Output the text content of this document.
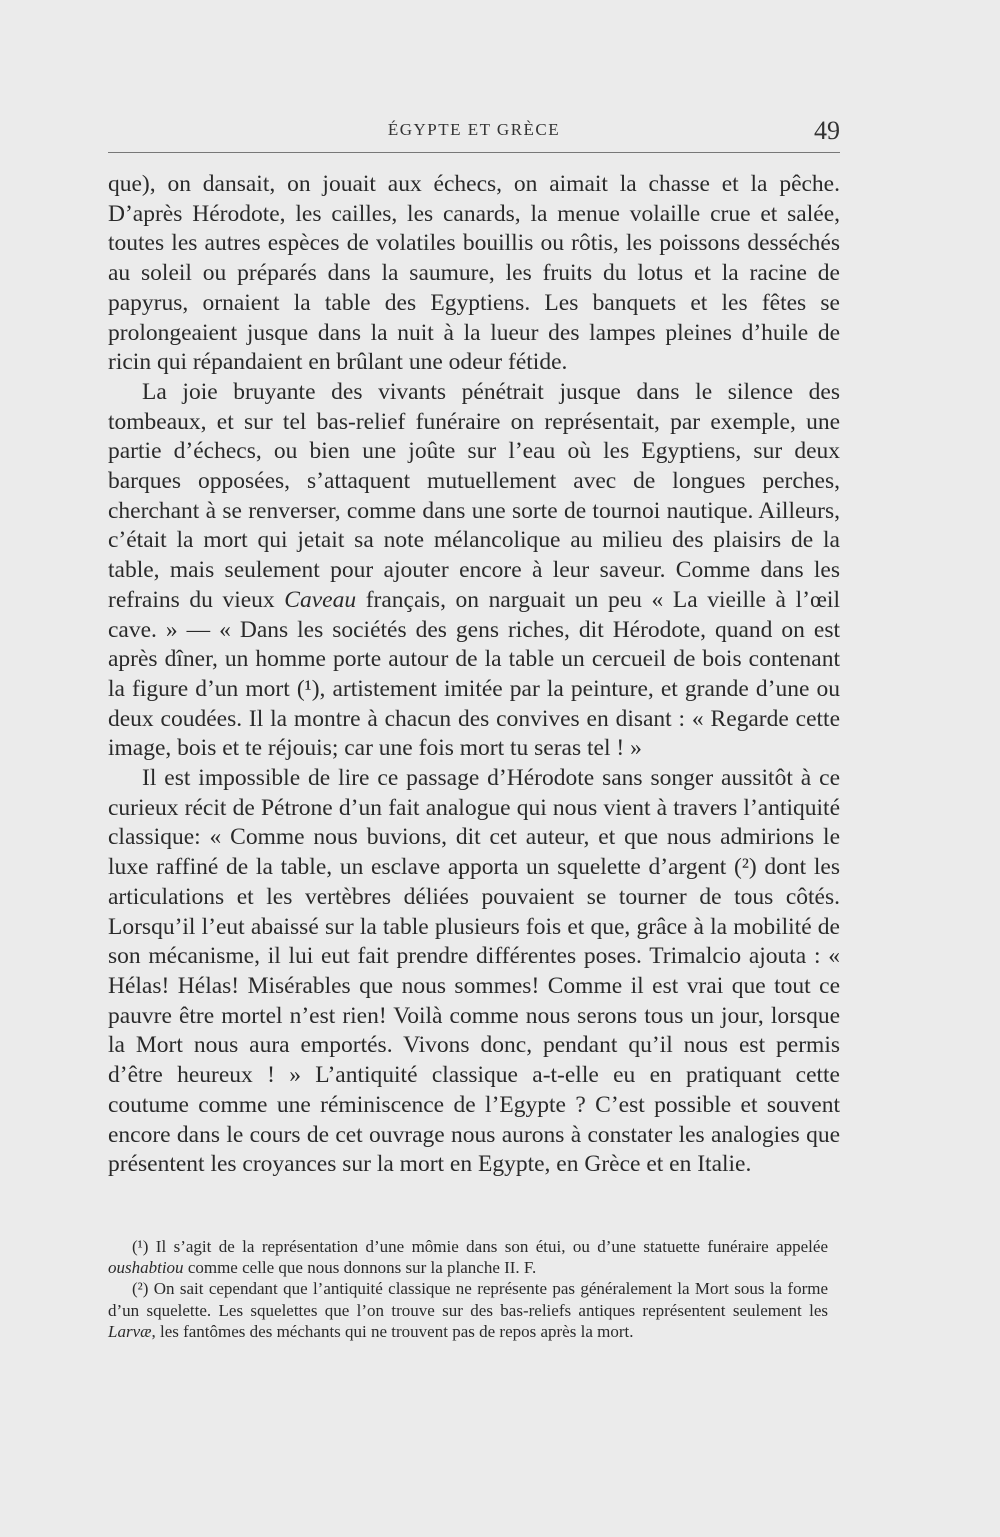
ÉGYPTE ET GRÈCE	49

que), on dansait, on jouait aux échecs, on aimait la chasse et la pêche. D’après Hérodote, les cailles, les canards, la menue volaille crue et salée, toutes les autres espèces de volatiles bouillis ou rôtis, les poissons desséchés au soleil ou préparés dans la saumure, les fruits du lotus et la racine de papyrus, ornaient la table des Egyptiens. Les banquets et les fêtes se prolongeaient jusque dans la nuit à la lueur des lampes pleines d’huile de ricin qui répandaient en brûlant une odeur fétide.

La joie bruyante des vivants pénétrait jusque dans le silence des tombeaux, et sur tel bas-relief funéraire on représentait, par exemple, une partie d’échecs, ou bien une joûte sur l’eau où les Egyptiens, sur deux barques opposées, s’attaquent mutuellement avec de longues perches, cherchant à se renverser, comme dans une sorte de tournoi nautique. Ailleurs, c’était la mort qui jetait sa note mélancolique au milieu des plaisirs de la table, mais seulement pour ajouter encore à leur saveur. Comme dans les refrains du vieux Caveau français, on narguait un peu « La vieille à l’œil cave. » — « Dans les sociétés des gens riches, dit Hérodote, quand on est après dîner, un homme porte autour de la table un cercueil de bois contenant la figure d’un mort (¹), artistement imitée par la peinture, et grande d’une ou deux coudées. Il la montre à chacun des convives en disant : « Regarde cette image, bois et te réjouis; car une fois mort tu seras tel ! »

Il est impossible de lire ce passage d’Hérodote sans songer aussitôt à ce curieux récit de Pétrone d’un fait analogue qui nous vient à travers l’antiquité classique: « Comme nous buvions, dit cet auteur, et que nous admirions le luxe raffiné de la table, un esclave apporta un squelette d’argent (²) dont les articulations et les vertèbres déliées pouvaient se tourner de tous côtés. Lorsqu’il l’eut abaissé sur la table plusieurs fois et que, grâce à la mobilité de son mécanisme, il lui eut fait prendre différentes poses. Trimalcio ajouta : « Hélas! Hélas! Misérables que nous sommes! Comme il est vrai que tout ce pauvre être mortel n’est rien! Voilà comme nous serons tous un jour, lorsque la Mort nous aura emportés. Vivons donc, pendant qu’il nous est permis d’être heureux ! » L’antiquité classique a-t-elle eu en pratiquant cette coutume comme une réminiscence de l’Egypte ? C’est possible et souvent encore dans le cours de cet ouvrage nous aurons à constater les analogies que présentent les croyances sur la mort en Egypte, en Grèce et en Italie.

(¹) Il s’agit de la représentation d’une mômie dans son étui, ou d’une statuette funéraire appelée oushabtiou comme celle que nous donnons sur la planche II. F.

(²) On sait cependant que l’antiquité classique ne représente pas généralement la Mort sous la forme d’un squelette. Les squelettes que l’on trouve sur des bas-reliefs antiques représentent seulement les Larvæ, les fantômes des méchants qui ne trouvent pas de repos après la mort.
